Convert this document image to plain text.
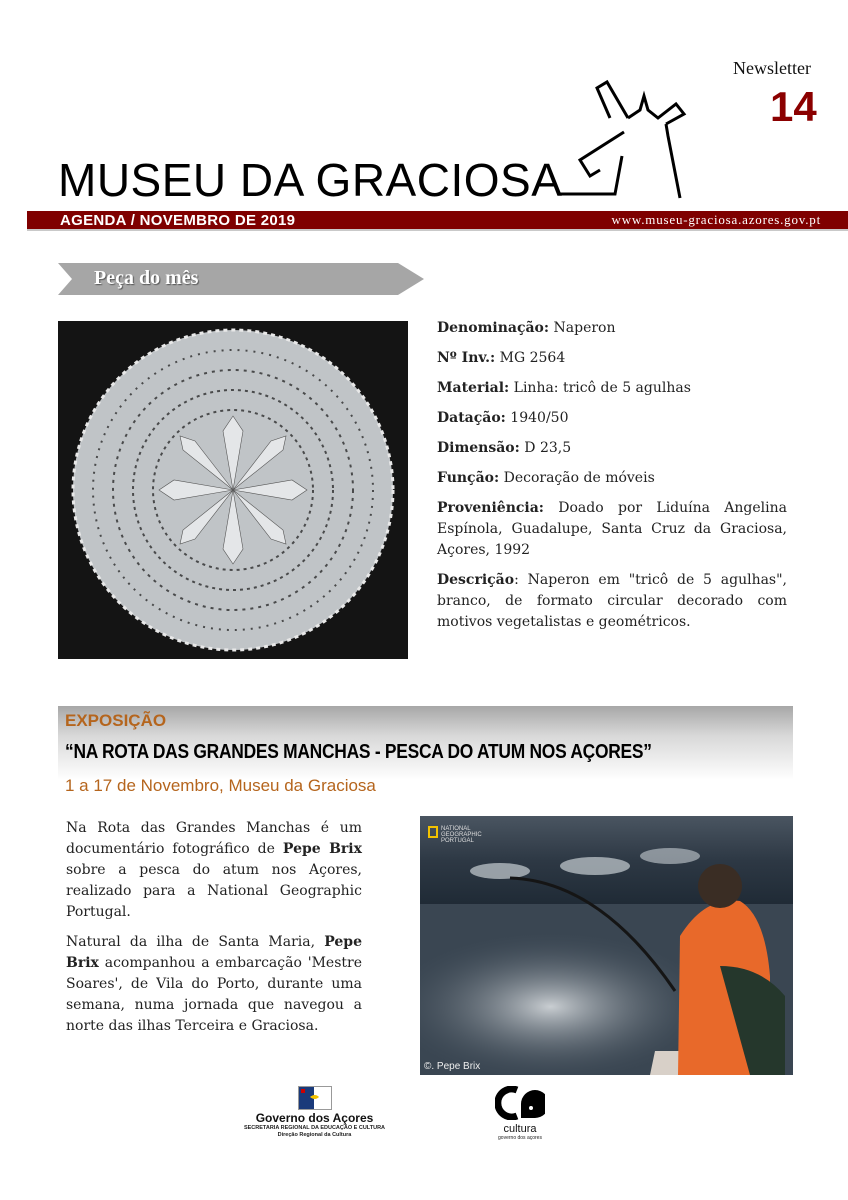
Newsletter
14
MUSEU DA GRACIOSA
AGENDA / NOVEMBRO DE 2019	www.museu-graciosa.azores.gov.pt
Peça do mês

Denominação: Naperon

Nº Inv.: MG 2564

Material: Linha: tricô de 5 agulhas

Datação: 1940/50

Dimensão: D 23,5

Função: Decoração de móveis

Proveniência: Doado por Liduína Angelina Espínola, Guadalupe, Santa Cruz da Graciosa, Açores, 1992

Descrição: Naperon em "tricô de 5 agulhas", branco, de formato circular decorado com motivos vegetalistas e geométricos.

EXPOSIÇÃO
“NA ROTA DAS GRANDES MANCHAS - PESCA DO ATUM NOS AÇORES”
1 a 17 de Novembro, Museu da Graciosa

Na Rota das Grandes Manchas é um documentário fotográfico de Pepe Brix sobre a pesca do atum nos Açores, realizado para a National Geographic Portugal.

Natural da ilha de Santa Maria, Pepe Brix acompanhou a embarcação 'Mestre Soares', de Vila do Porto, durante uma semana, numa jornada que navegou a norte das ilhas Terceira e Graciosa.

NATIONAL
GEOGRAPHIC
PORTUGAL
©. Pepe Brix
Governo dos Açores
SECRETARIA REGIONAL DA EDUCAÇÃO E CULTURA
Direção Regional da Cultura	cultura
governo dos açores
